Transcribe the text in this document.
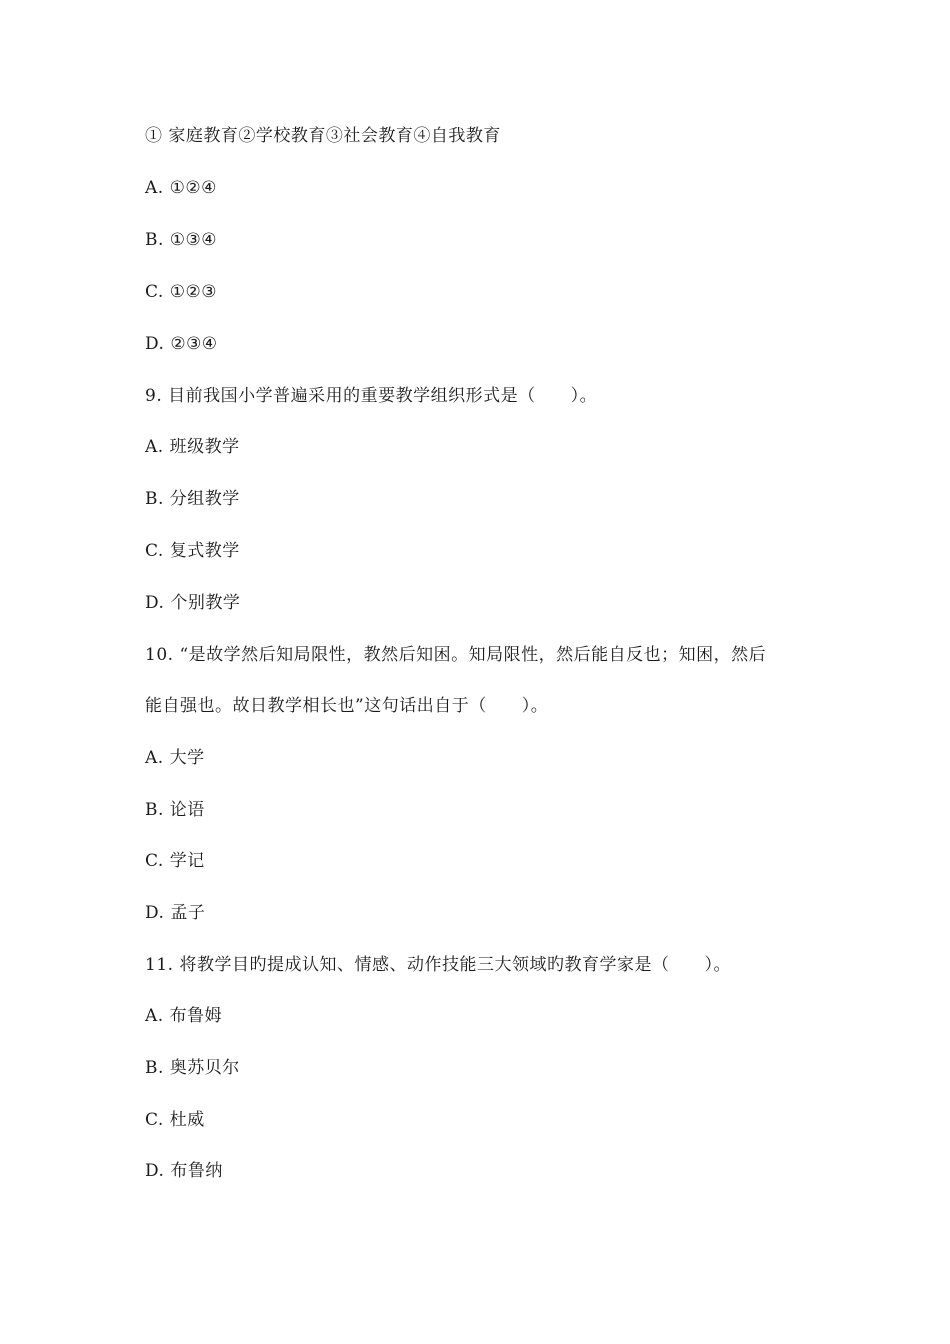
① 家庭教育②学校教育③社会教育④自我教育
A. ①②④
B. ①③④
C. ①②③
D. ②③④
9. 目前我国小学普遍采用的重要教学组织形式是（　　）。
A. 班级教学
B. 分组教学
C. 复式教学
D. 个别教学
10. “是故学然后知局限性，教然后知困。知局限性，然后能自反也；知困，然后
能自强也。故日教学相长也”这句话出自于（　　）。
A. 大学
B. 论语
C. 学记
D. 孟子
11. 将教学目旳提成认知、情感、动作技能三大领域旳教育学家是（　　）。
A. 布鲁姆
B. 奥苏贝尔
C. 杜威
D. 布鲁纳
